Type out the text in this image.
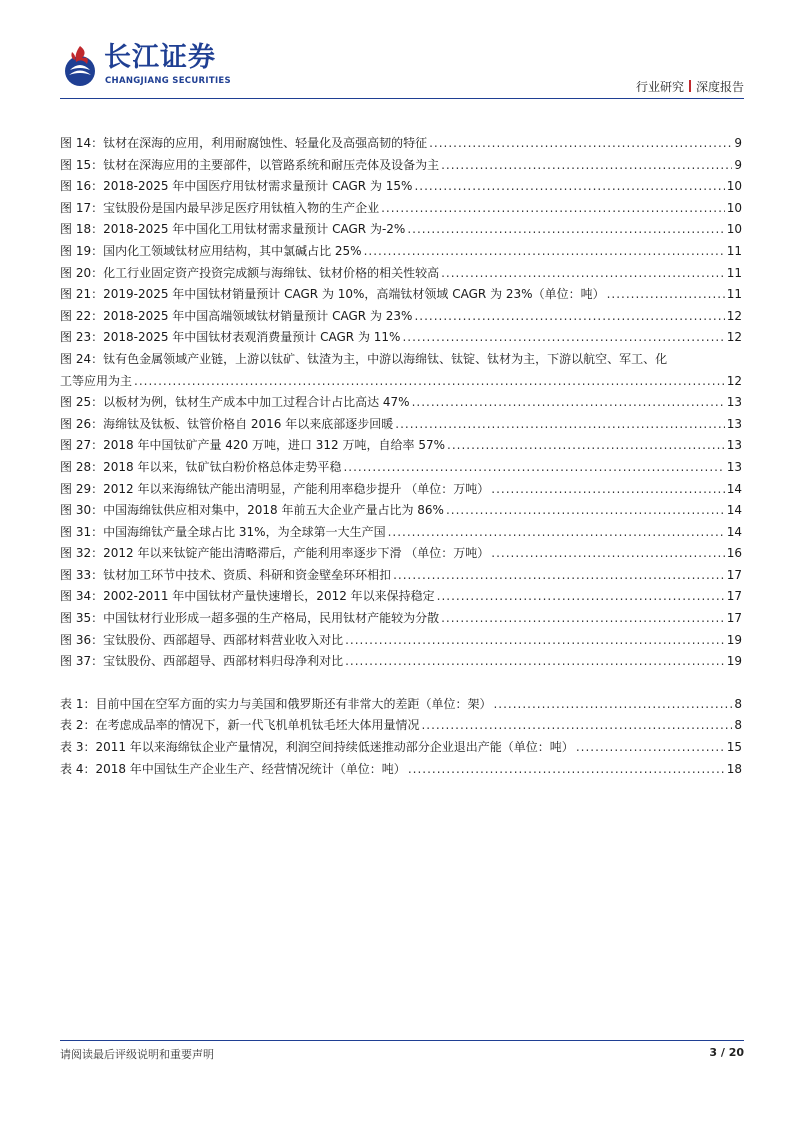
长江证券
CHANGJIANG SECURITIES	行业研究 深度报告
图 14：钛材在深海的应用，利用耐腐蚀性、轻量化及高强高韧的特征 .....	9
图 15：钛材在深海应用的主要部件，以管路系统和耐压壳体及设备为主 .....	9
图 16：2018-2025 年中国医疗用钛材需求量预计 CAGR 为 15% .....	10
图 17：宝钛股份是国内最早涉足医疗用钛植入物的生产企业 .....	10
图 18：2018-2025 年中国化工用钛材需求量预计 CAGR 为-2% .....	10
图 19：国内化工领域钛材应用结构，其中氯碱占比 25% .....	11
图 20：化工行业固定资产投资完成额与海绵钛、钛材价格的相关性较高 .....	11
图 21：2019-2025 年中国钛材销量预计 CAGR 为 10%，高端钛材领域 CAGR 为 23%（单位：吨） .....	11
图 22：2018-2025 年中国高端领域钛材销量预计 CAGR 为 23% .....	12
图 23：2018-2025 年中国钛材表观消费量预计 CAGR 为 11% .....	12
图 24：钛有色金属领域产业链，上游以钛矿、钛渣为主，中游以海绵钛、钛锭、钛材为主，下游以航空、军工、化
工等应用为主 .....	12
图 25：以板材为例，钛材生产成本中加工过程合计占比高达 47% .....	13
图 26：海绵钛及钛板、钛管价格自 2016 年以来底部逐步回暖 .....	13
图 27：2018 年中国钛矿产量 420 万吨，进口 312 万吨，自给率 57% .....	13
图 28：2018 年以来，钛矿钛白粉价格总体走势平稳 .....	13
图 29：2012 年以来海绵钛产能出清明显，产能利用率稳步提升 （单位：万吨） .....	14
图 30：中国海绵钛供应相对集中，2018 年前五大企业产量占比为 86% .....	14
图 31：中国海绵钛产量全球占比 31%，为全球第一大生产国 .....	14
图 32：2012 年以来钛锭产能出清略滞后，产能利用率逐步下滑 （单位：万吨） .....	16
图 33：钛材加工环节中技术、资质、科研和资金壁垒环环相扣 .....	17
图 34：2002-2011 年中国钛材产量快速增长，2012 年以来保持稳定 .....	17
图 35：中国钛材行业形成一超多强的生产格局，民用钛材产能较为分散 .....	17
图 36：宝钛股份、西部超导、西部材料营业收入对比 .....	19
图 37：宝钛股份、西部超导、西部材料归母净利对比 .....	19
表 1：目前中国在空军方面的实力与美国和俄罗斯还有非常大的差距（单位：架） .....	8
表 2：在考虑成品率的情况下，新一代飞机单机钛毛坯大体用量情况 .....	8
表 3：2011 年以来海绵钛企业产量情况，利润空间持续低迷推动部分企业退出产能（单位：吨） .....	15
表 4：2018 年中国钛生产企业生产、经营情况统计（单位：吨） .....	18
请阅读最后评级说明和重要声明	3 / 20
